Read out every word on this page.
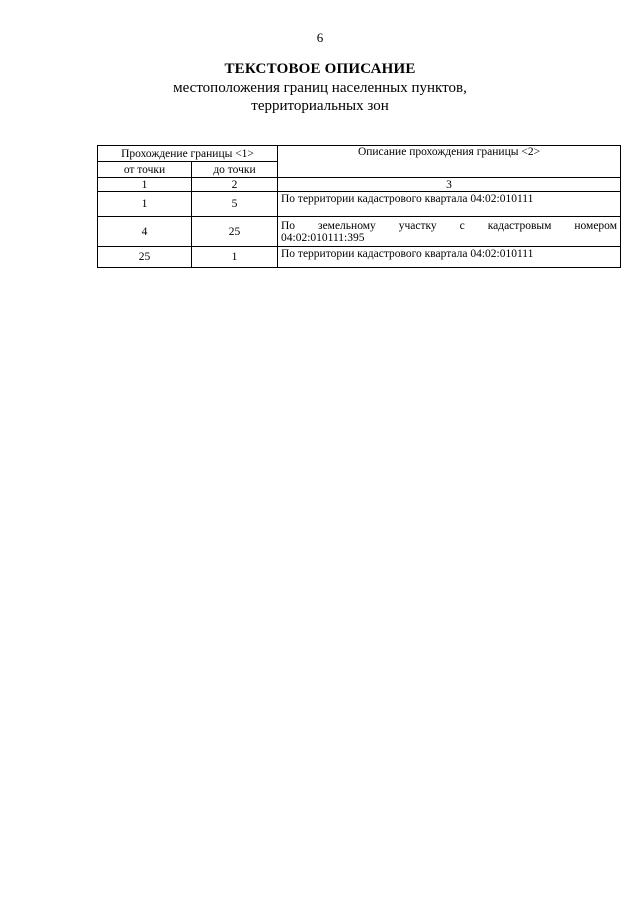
6
ТЕКСТОВОЕ ОПИСАНИЕ
местоположения границ населенных пунктов,
территориальных зон
Прохождение границы <1>		Описание прохождения границы <2>
от точки	до точки	
1	2	3
1	5	По территории кадастрового квартала 04:02:010111
4	25	По земельному участку с кадастровым номером
04:02:010111:395
25	1	По территории кадастрового квартала 04:02:010111
